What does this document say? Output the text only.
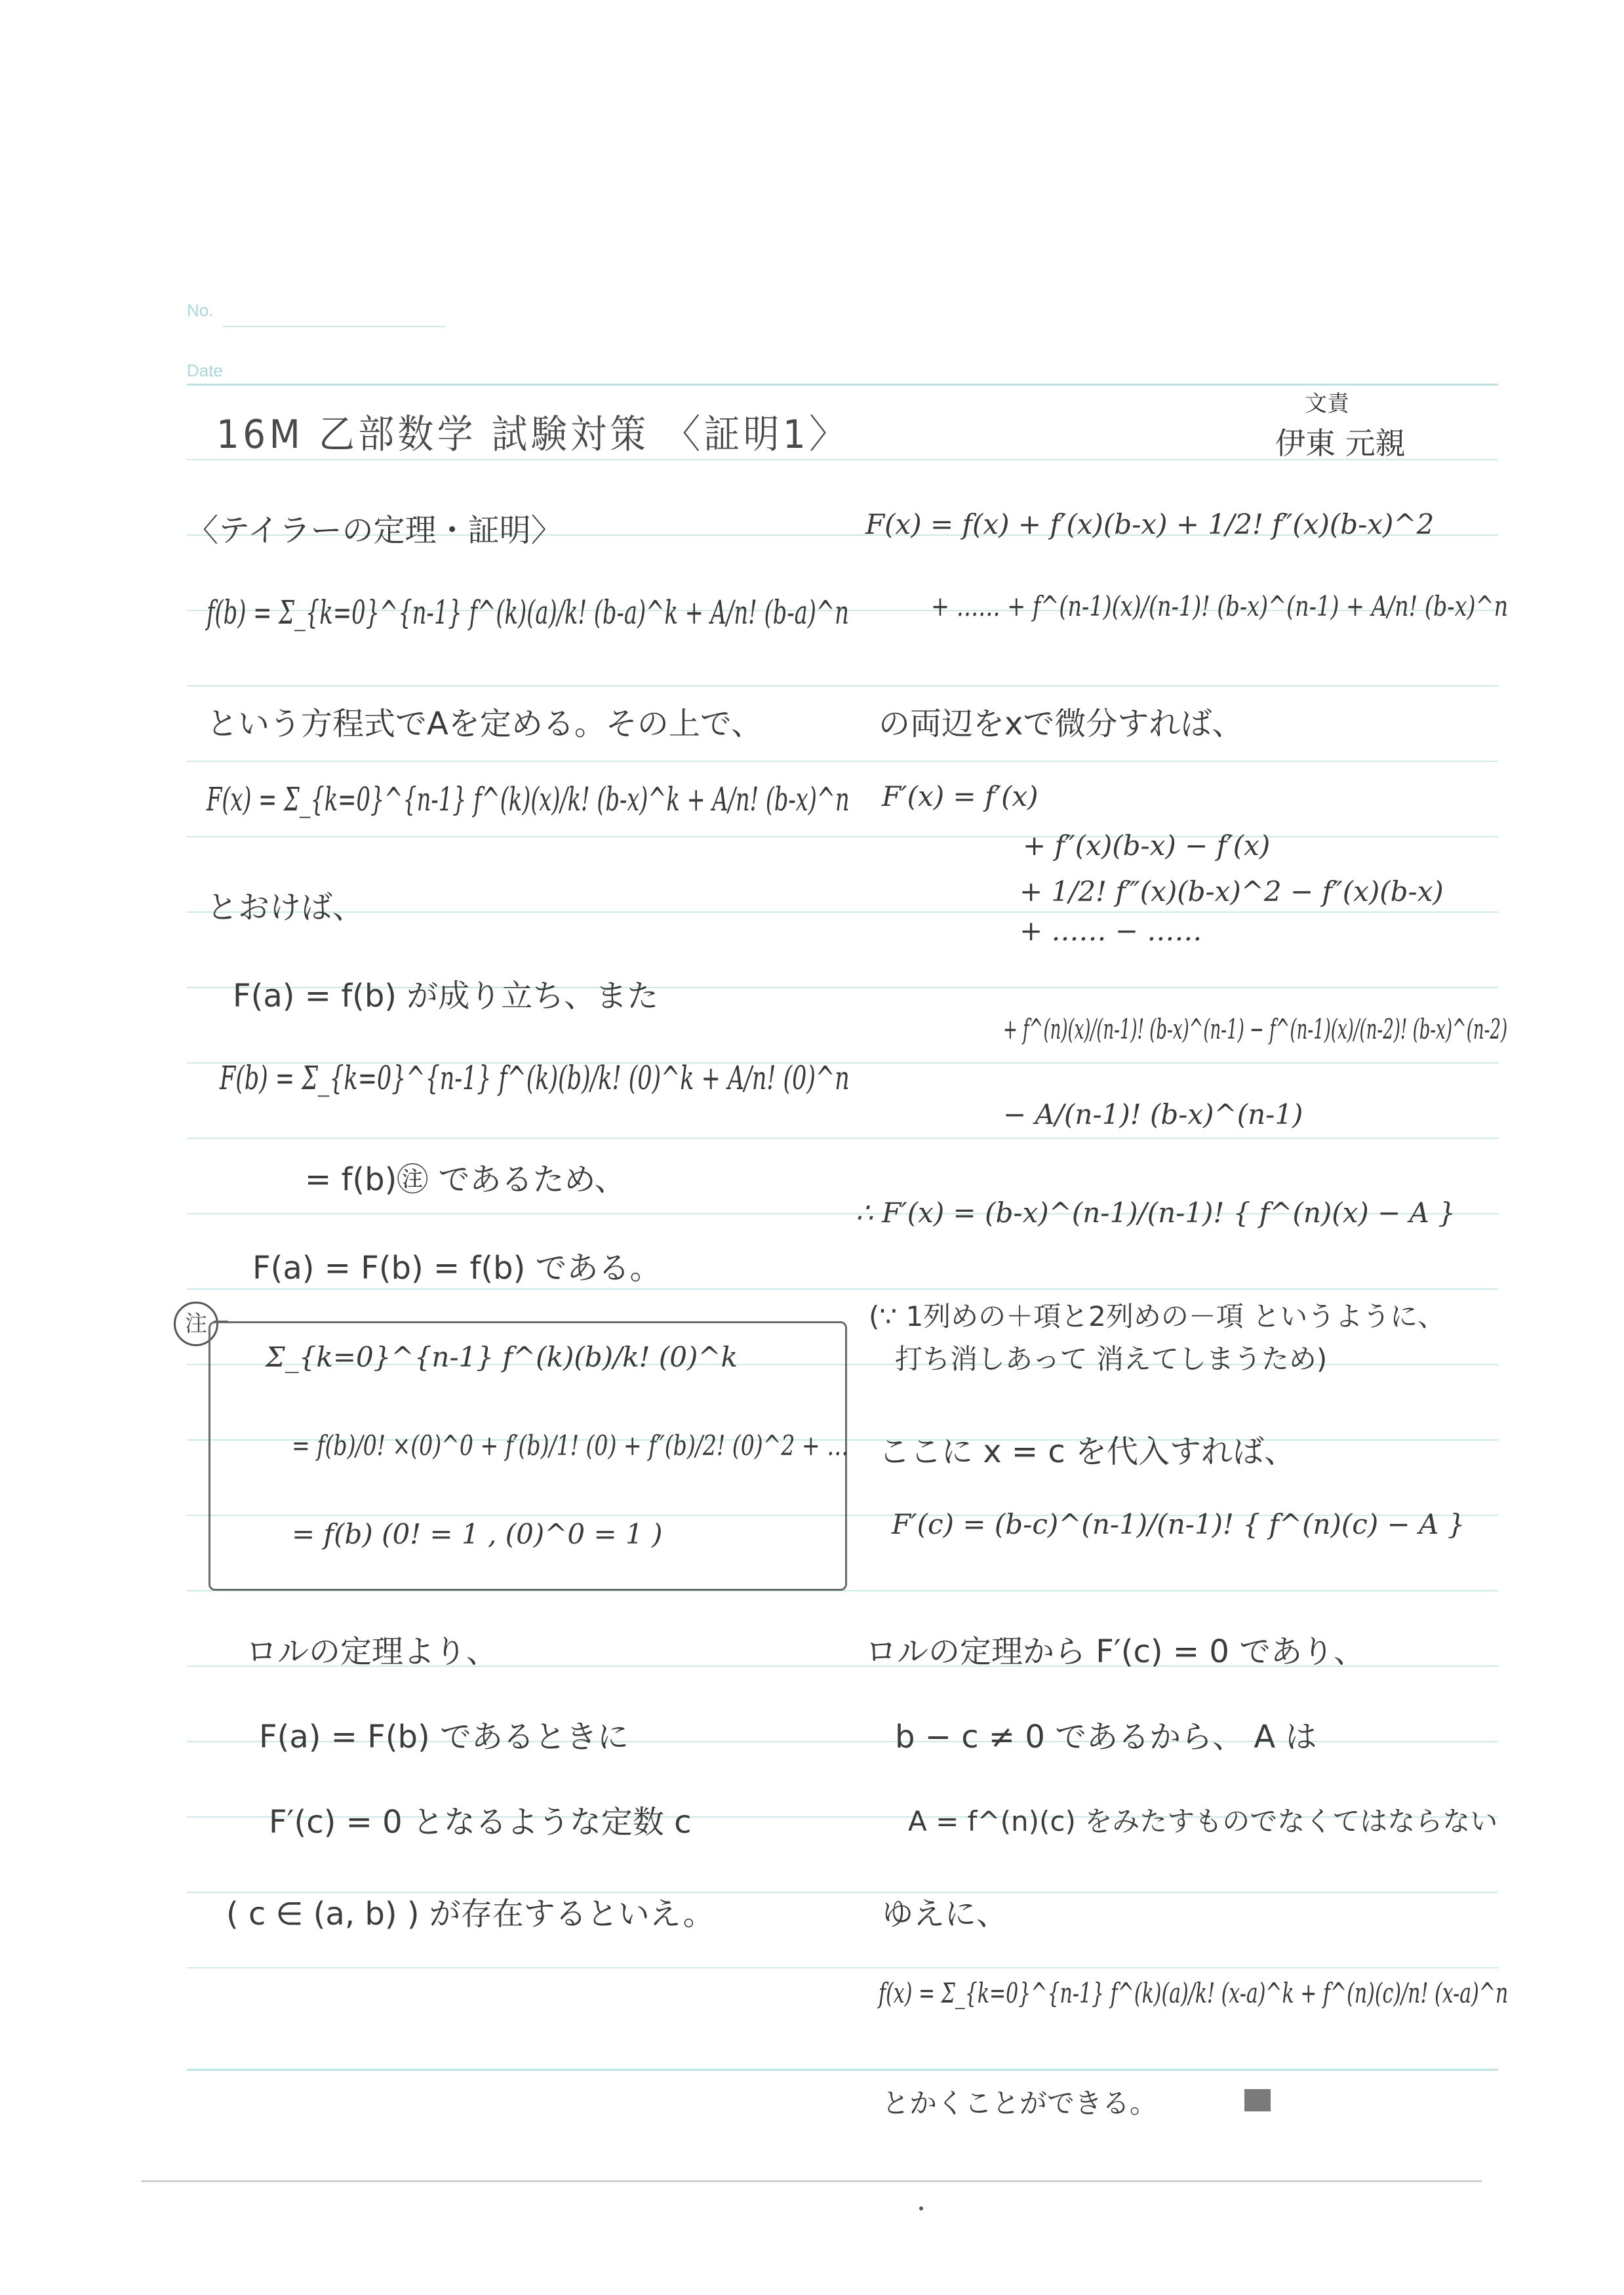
No.
Date
16M 乙部数学 試験対策 〈証明1〉
文責
伊東 元親
〈テイラーの定理・証明〉
f(b) = Σ_{k=0}^{n-1} f^(k)(a)/k! (b-a)^k + A/n! (b-a)^n
という方程式でAを定める。その上で、
F(x) = Σ_{k=0}^{n-1} f^(k)(x)/k! (b-x)^k + A/n! (b-x)^n
とおけば、
F(a) = f(b) が成り立ち、また
F(b) = Σ_{k=0}^{n-1} f^(k)(b)/k! (0)^k + A/n! (0)^n
= f(b)㊟ であるため、
F(a) = F(b) = f(b) である。
注
Σ_{k=0}^{n-1} f^(k)(b)/k! (0)^k
= f(b)/0! ×(0)^0 + f′(b)/1! (0) + f″(b)/2! (0)^2 + …
= f(b) (0! = 1 , (0)^0 = 1 )
ロルの定理より、
F(a) = F(b) であるときに
F′(c) = 0 となるような定数 c
( c ∈ (a, b) ) が存在するといえ。
F(x) = f(x) + f′(x)(b-x) + 1/2! f″(x)(b-x)^2
+ …… + f^(n-1)(x)/(n-1)! (b-x)^(n-1) + A/n! (b-x)^n
の両辺をxで微分すれば、
F′(x) = f′(x)
+ f″(x)(b-x) − f′(x)
+ 1/2! f‴(x)(b-x)^2 − f″(x)(b-x)
+ …… − ……
+ f^(n)(x)/(n-1)! (b-x)^(n-1) − f^(n-1)(x)/(n-2)! (b-x)^(n-2)
− A/(n-1)! (b-x)^(n-1)
∴ F′(x) = (b-x)^(n-1)/(n-1)! { f^(n)(x) − A }
(∵ 1列めの＋項と2列めの－項 というように、
打ち消しあって 消えてしまうため)
ここに x = c を代入すれば、
F′(c) = (b-c)^(n-1)/(n-1)! { f^(n)(c) − A }
ロルの定理から F′(c) = 0 であり、
b − c ≠ 0 であるから、 A は
A = f^(n)(c) をみたすものでなくてはならない
ゆえに、
f(x) = Σ_{k=0}^{n-1} f^(k)(a)/k! (x-a)^k + f^(n)(c)/n! (x-a)^n
とかくことができる。
